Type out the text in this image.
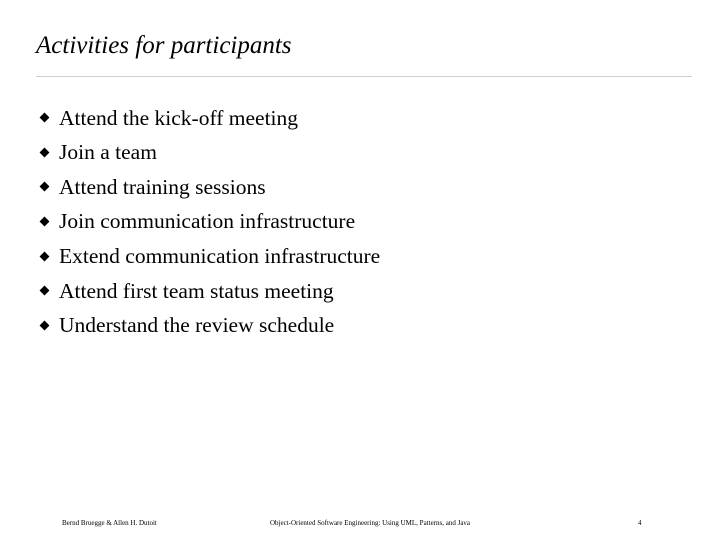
Activities for participants
Attend the kick-off meeting
Join a team
Attend training sessions
Join communication infrastructure
Extend communication infrastructure
Attend first team status meeting
Understand the review schedule
Bernd Bruegge & Allen H. Dutoit	Object-Oriented Software Engineering: Using UML, Patterns, and Java	4
